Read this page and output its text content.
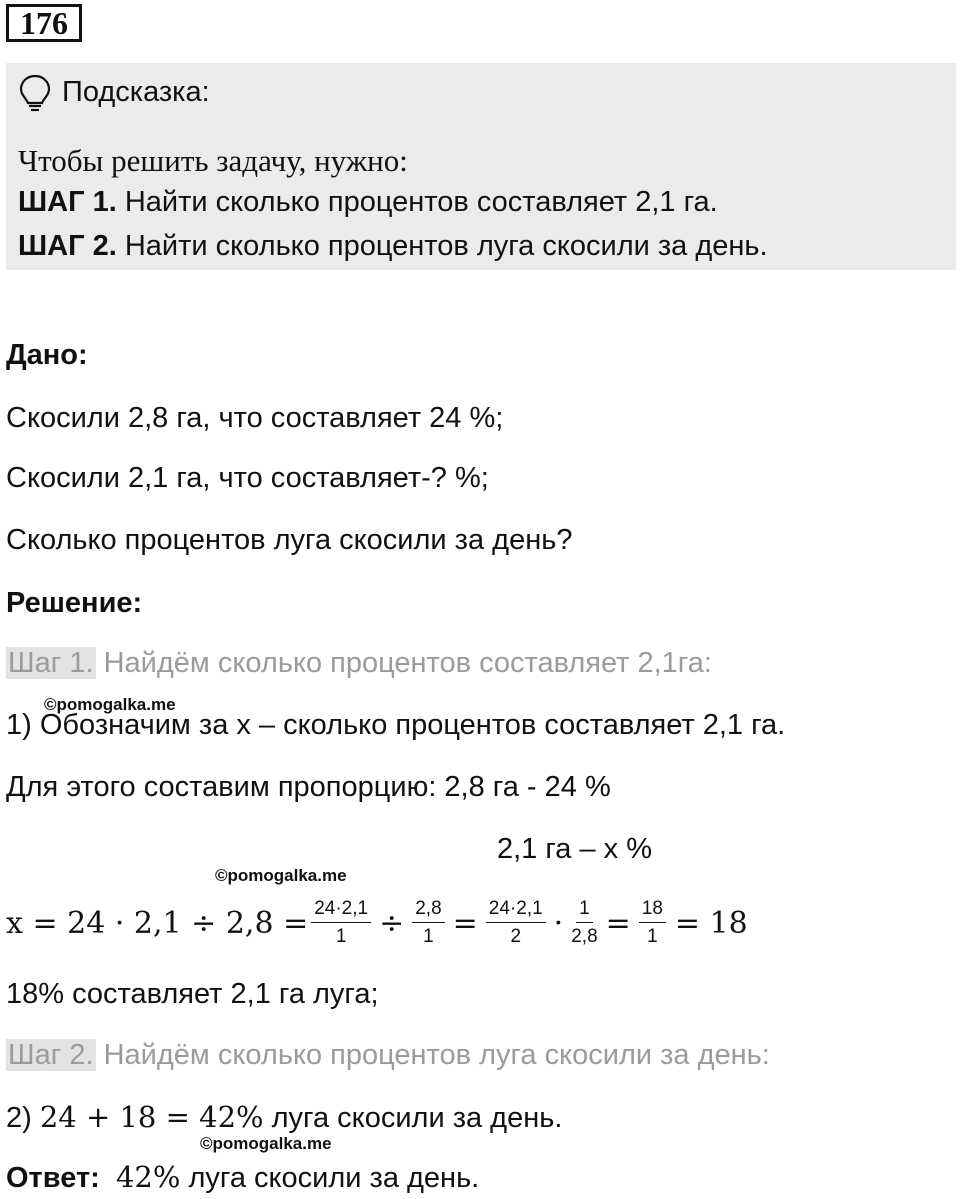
176
Подсказка:
Чтобы решить задачу, нужно:
ШАГ 1. Найти сколько процентов составляет 2,1 га.
ШАГ 2. Найти сколько процентов луга скосили за день.
Дано:
Скосили 2,8 га, что составляет 24 %;
Скосили 2,1 га, что составляет-? %;
Сколько процентов луга скосили за день?
Решение:
Шаг 1. Найдём сколько процентов составляет 2,1га:
©pomogalka.me
1) Обозначим за x – сколько процентов составляет 2,1 га.
Для этого составим пропорцию: 2,8 га - 24 %
2,1 га – x %
©pomogalka.me
$x = 24 \cdot 2,1 \div 2,8 = \frac{24\cdot 2,1}{1} \div \frac{2,8}{1} = \frac{24\cdot 2,1}{2} \cdot \frac{1}{2,8} = \frac{18}{1} = 18$
18% составляет 2,1 га луга;
Шаг 2. Найдём сколько процентов луга скосили за день:
2) 24 + 18 = 42% луга скосили за день.
©pomogalka.me
Ответ: 42% луга скосили за день.
